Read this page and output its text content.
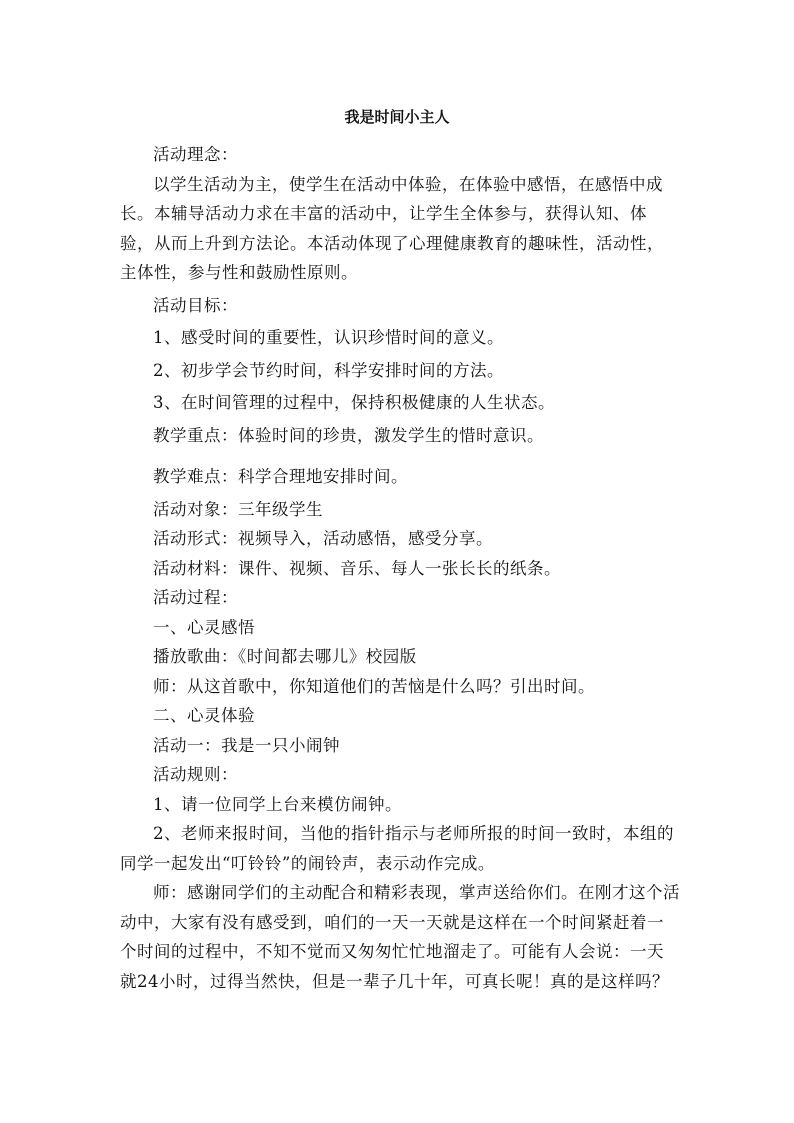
我是时间小主人

活动理念：

以学生活动为主，使学生在活动中体验，在体验中感悟，在感悟中成长。本辅导活动力求在丰富的活动中，让学生全体参与，获得认知、体验，从而上升到方法论。本活动体现了心理健康教育的趣味性，活动性，主体性，参与性和鼓励性原则。

活动目标：

1、感受时间的重要性，认识珍惜时间的意义。

2、初步学会节约时间，科学安排时间的方法。

3、在时间管理的过程中，保持积极健康的人生状态。

教学重点：体验时间的珍贵，激发学生的惜时意识。

教学难点：科学合理地安排时间。

活动对象：三年级学生

活动形式：视频导入，活动感悟，感受分享。

活动材料：课件、视频、音乐、每人一张长长的纸条。

活动过程：

一、心灵感悟

播放歌曲：《时间都去哪儿》校园版

师：从这首歌中，你知道他们的苦恼是什么吗？引出时间。

二、心灵体验

活动一：我是一只小闹钟

活动规则：

1、请一位同学上台来模仿闹钟。

2、老师来报时间，当他的指针指示与老师所报的时间一致时，本组的同学一起发出“叮铃铃”的闹铃声，表示动作完成。

师：感谢同学们的主动配合和精彩表现，掌声送给你们。在刚才这个活动中，大家有没有感受到，咱们的一天一天就是这样在一个时间紧赶着一个时间的过程中，不知不觉而又匆匆忙忙地溜走了。可能有人会说：一天就24小时，过得当然快，但是一辈子几十年，可真长呢！真的是这样吗？
